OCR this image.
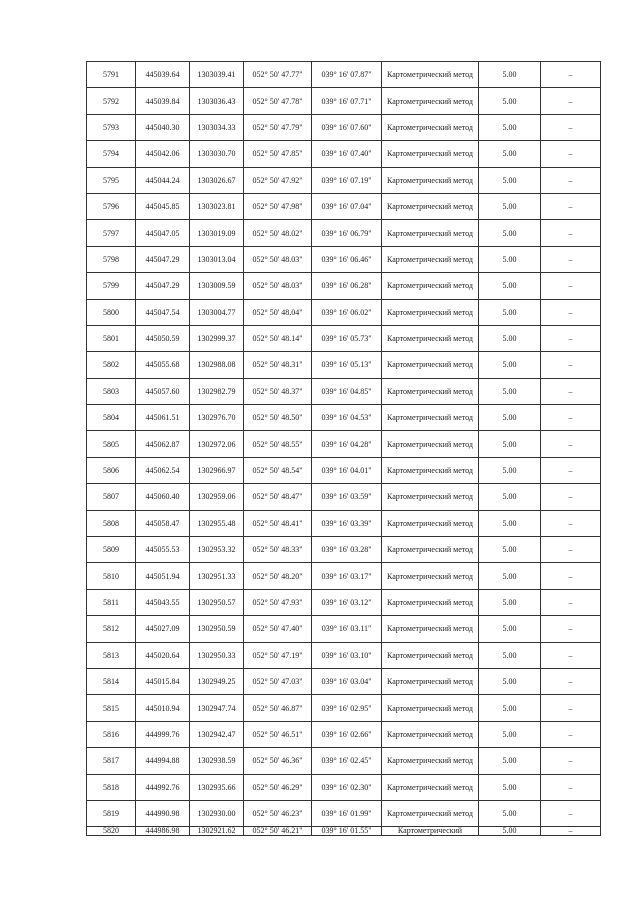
5791	445039.64	1303039.41	052° 50' 47.77"	039° 16' 07.87"	Картометрический метод	5.00	–
5792	445039.84	1303036.43	052° 50' 47.78"	039° 16' 07.71"	Картометрический метод	5.00	–
5793	445040.30	1303034.33	052° 50' 47.79"	039° 16' 07.60"	Картометрический метод	5.00	–
5794	445042.06	1303030.70	052° 50' 47.85"	039° 16' 07.40"	Картометрический метод	5.00	–
5795	445044.24	1303026.67	052° 50' 47.92"	039° 16' 07.19"	Картометрический метод	5.00	–
5796	445045.85	1303023.81	052° 50' 47.98"	039° 16' 07.04"	Картометрический метод	5.00	–
5797	445047.05	1303019.09	052° 50' 48.02"	039° 16' 06.79"	Картометрический метод	5.00	–
5798	445047.29	1303013.04	052° 50' 48.03"	039° 16' 06.46"	Картометрический метод	5.00	–
5799	445047.29	1303009.59	052° 50' 48.03"	039° 16' 06.28"	Картометрический метод	5.00	–
5800	445047.54	1303004.77	052° 50' 48.04"	039° 16' 06.02"	Картометрический метод	5.00	–
5801	445050.59	1302999.37	052° 50' 48.14"	039° 16' 05.73"	Картометрический метод	5.00	–
5802	445055.68	1302988.08	052° 50' 48.31"	039° 16' 05.13"	Картометрический метод	5.00	–
5803	445057.60	1302982.79	052° 50' 48.37"	039° 16' 04.85"	Картометрический метод	5.00	–
5804	445061.51	1302976.70	052° 50' 48.50"	039° 16' 04.53"	Картометрический метод	5.00	–
5805	445062.87	1302972.06	052° 50' 48.55"	039° 16' 04.28"	Картометрический метод	5.00	–
5806	445062.54	1302966.97	052° 50' 48.54"	039° 16' 04.01"	Картометрический метод	5.00	–
5807	445060.40	1302959.06	052° 50' 48.47"	039° 16' 03.59"	Картометрический метод	5.00	–
5808	445058.47	1302955.48	052° 50' 48.41"	039° 16' 03.39"	Картометрический метод	5.00	–
5809	445055.53	1302953.32	052° 50' 48.33"	039° 16' 03.28"	Картометрический метод	5.00	–
5810	445051.94	1302951.33	052° 50' 48.20"	039° 16' 03.17"	Картометрический метод	5.00	–
5811	445043.55	1302950.57	052° 50' 47.93"	039° 16' 03.12"	Картометрический метод	5.00	–
5812	445027.09	1302950.59	052° 50' 47.40"	039° 16' 03.11"	Картометрический метод	5.00	–
5813	445020.64	1302950.33	052° 50' 47.19"	039° 16' 03.10"	Картометрический метод	5.00	–
5814	445015.84	1302949.25	052° 50' 47.03"	039° 16' 03.04"	Картометрический метод	5.00	–
5815	445010.94	1302947.74	052° 50' 46.87"	039° 16' 02.95"	Картометрический метод	5.00	–
5816	444999.76	1302942.47	052° 50' 46.51"	039° 16' 02.66"	Картометрический метод	5.00	–
5817	444994.88	1302938.59	052° 50' 46.36"	039° 16' 02.45"	Картометрический метод	5.00	–
5818	444992.76	1302935.66	052° 50' 46.29"	039° 16' 02.30"	Картометрический метод	5.00	–
5819	444990.98	1302930.00	052° 50' 46.23"	039° 16' 01.99"	Картометрический метод	5.00	–
5820	444986.98	1302921.62	052° 50' 46.21"	039° 16' 01.55"	Картометрический	5.00	–
